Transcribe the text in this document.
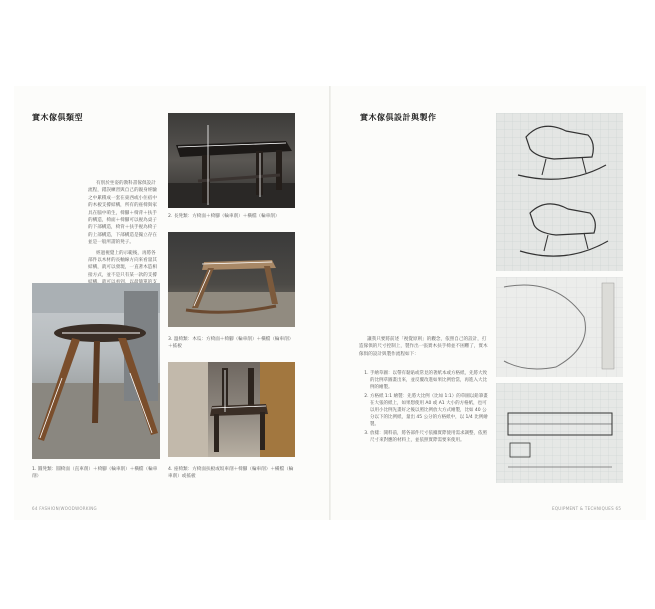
實木傢俱類型

有別於坐姿的教科書傢俱設計流程，錯誤練習與自己的親身經驗之中累積成一套在東西或小住宿中的木板支撐結構，所有的座椅與家具在腦中萌生，椅腳＋椅背＋扶手的構造，椅面＋椅腳可以視為桌子的下部構造，椅背＋扶手視為椅子的上部構造，下部構造是獨立存在並是一般所謂的凳子。

經過視覺上的示範後，再將各部件以木材的長軸線方向來看量其結構，就可以發現，一直著木造相接方式，並不是只有某一款的支撐

1. 圓凳類：圓椅面（直車削）＋椅腳（輪車削）＋橫檔（輪車削）
2. 長凳類：方椅面＋椅腳（輪車削）＋橫檔（輪車削）
3. 溫椅類：木瓜：方椅面＋椅腳（輪車削）＋橫檔（輪車削）＋搖板
4. 座椅類：方椅面扶板或坂車削＋椅腳（輪車削）＋橫檔（輪車削）或搖板
64 FASHION/WOODWORKING
實木傢俱設計與製作

讓我只要將前述「視覺原則」的觀念，依照自己的設計，打造傢俱的尺寸控制上，製作出一張實木扶手椅並不困難了，實木傢俱的設計與製作流程如下：

1. 手繪草圖：以帶有黏貼或常見的著紙本或方格紙，先將大致的比例草圖畫出來，並反覆改進如果比例恰當，再進入大比例的繪製。
2. 方格紙 1:1 繪製：先將大比例（比如 1:1）的草圖以鉛筆畫在大張的紙上，如果想使用 A0 或 A1 大小的方格紙，也可以用小比例先畫好之後以照比例放大方式繪製，比如 40 公分以下的比例紙，量出 45 公分的方格紙中，以 1/4 比例繪製。
3. 放樣：開料前，將各部件尺寸依據實際使用需求調整，依照尺寸來對應的材料上，並依照實際需要來使用。
EQUIPMENT & TECHNIQUES 65
